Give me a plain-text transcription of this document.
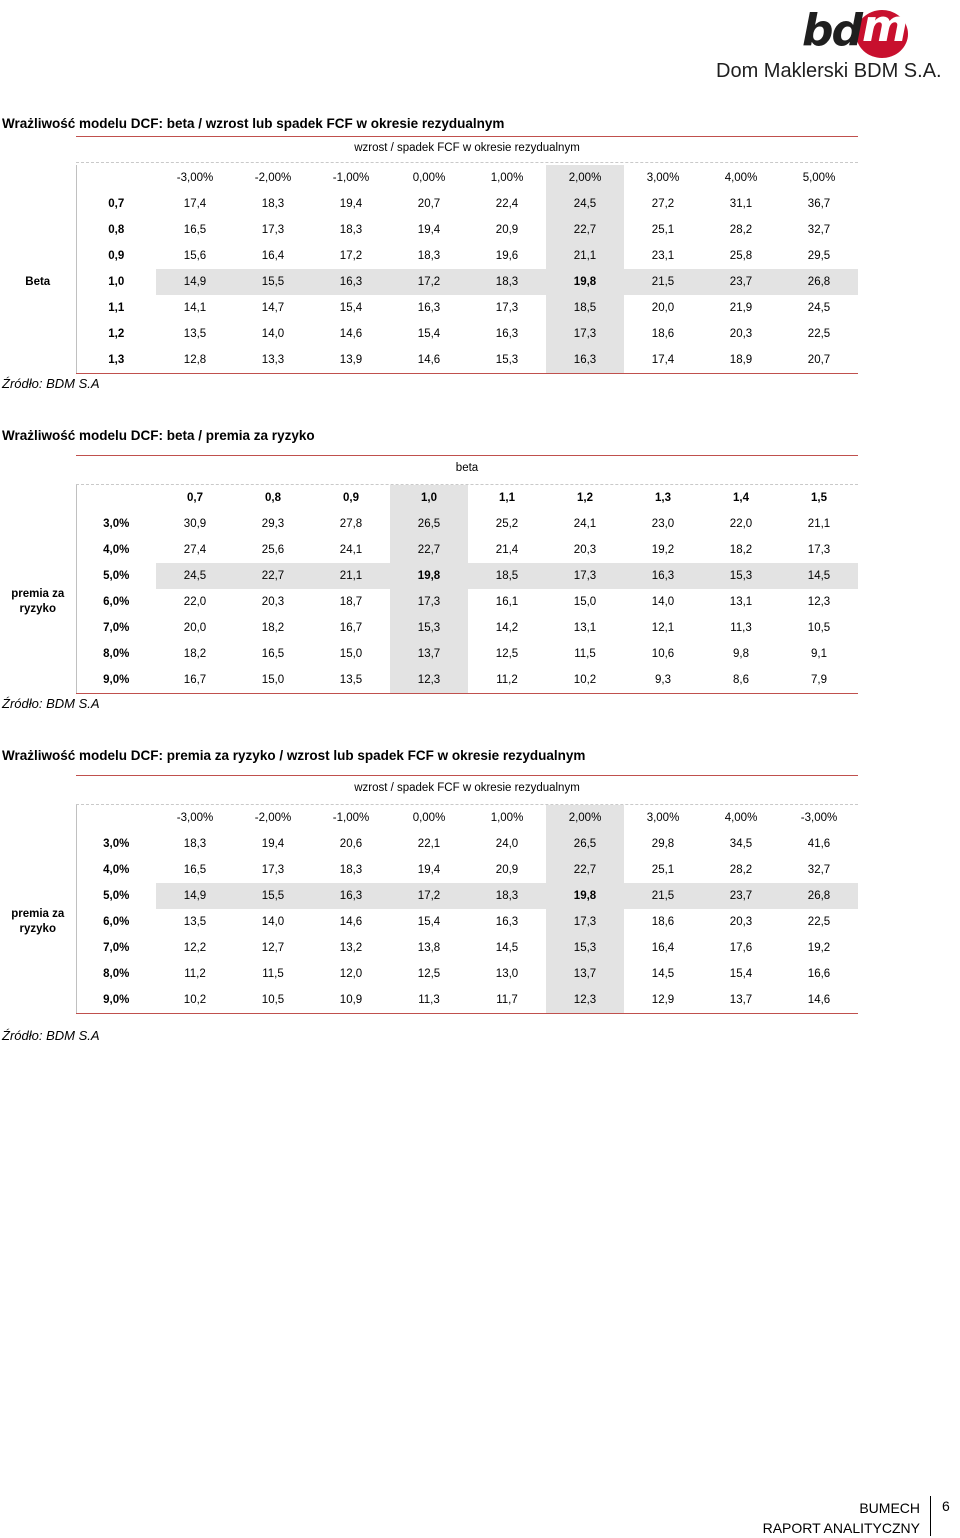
bd m
Dom Maklerski BDM S.A.
Wrażliwość modelu DCF: beta / wzrost lub spadek FCF w okresie rezydualnym
wzrost / spadek FCF w okresie rezydualnym
		-3,00%	-2,00%	-1,00%	0,00%	1,00%	2,00%	3,00%	4,00%	5,00%
Beta	0,7	17,4	18,3	19,4	20,7	22,4	24,5	27,2	31,1	36,7
	0,8	16,5	17,3	18,3	19,4	20,9	22,7	25,1	28,2	32,7
	0,9	15,6	16,4	17,2	18,3	19,6	21,1	23,1	25,8	29,5
	1,0	14,9	15,5	16,3	17,2	18,3	19,8	21,5	23,7	26,8
	1,1	14,1	14,7	15,4	16,3	17,3	18,5	20,0	21,9	24,5
	1,2	13,5	14,0	14,6	15,4	16,3	17,3	18,6	20,3	22,5
	1,3	12,8	13,3	13,9	14,6	15,3	16,3	17,4	18,9	20,7
Źródło: BDM S.A
Wrażliwość modelu DCF: beta / premia za ryzyko
beta
		0,7	0,8	0,9	1,0	1,1	1,2	1,3	1,4	1,5
premia za ryzyko	3,0%	30,9	29,3	27,8	26,5	25,2	24,1	23,0	22,0	21,1
	4,0%	27,4	25,6	24,1	22,7	21,4	20,3	19,2	18,2	17,3
	5,0%	24,5	22,7	21,1	19,8	18,5	17,3	16,3	15,3	14,5
	6,0%	22,0	20,3	18,7	17,3	16,1	15,0	14,0	13,1	12,3
	7,0%	20,0	18,2	16,7	15,3	14,2	13,1	12,1	11,3	10,5
	8,0%	18,2	16,5	15,0	13,7	12,5	11,5	10,6	9,8	9,1
	9,0%	16,7	15,0	13,5	12,3	11,2	10,2	9,3	8,6	7,9
Źródło: BDM S.A
Wrażliwość modelu DCF: premia za ryzyko / wzrost lub spadek FCF w okresie rezydualnym
wzrost / spadek FCF w okresie rezydualnym
		-3,00%	-2,00%	-1,00%	0,00%	1,00%	2,00%	3,00%	4,00%	-3,00%
premia za ryzyko	3,0%	18,3	19,4	20,6	22,1	24,0	26,5	29,8	34,5	41,6
	4,0%	16,5	17,3	18,3	19,4	20,9	22,7	25,1	28,2	32,7
	5,0%	14,9	15,5	16,3	17,2	18,3	19,8	21,5	23,7	26,8
	6,0%	13,5	14,0	14,6	15,4	16,3	17,3	18,6	20,3	22,5
	7,0%	12,2	12,7	13,2	13,8	14,5	15,3	16,4	17,6	19,2
	8,0%	11,2	11,5	12,0	12,5	13,0	13,7	14,5	15,4	16,6
	9,0%	10,2	10,5	10,9	11,3	11,7	12,3	12,9	13,7	14,6
Źródło: BDM S.A
BUMECH
RAPORT ANALITYCZNY
6
